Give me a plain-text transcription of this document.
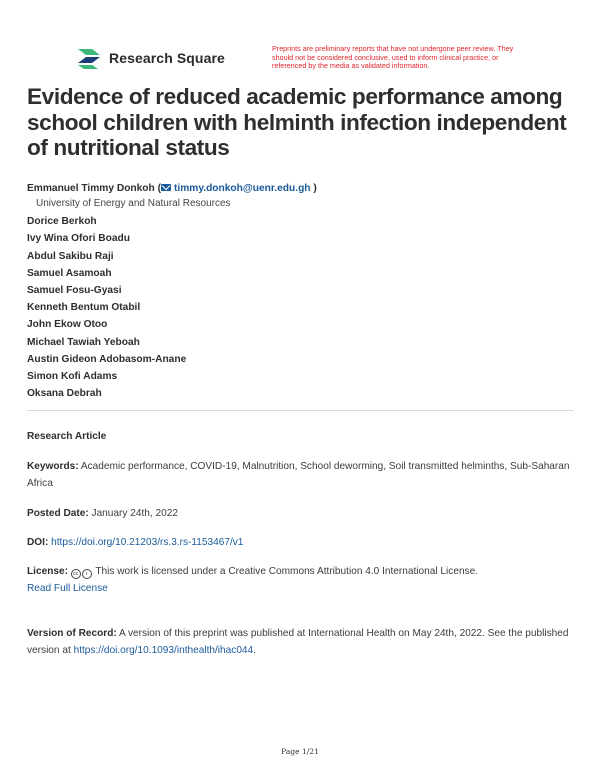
Research Square
Preprints are preliminary reports that have not undergone peer review. They should not be considered conclusive, used to inform clinical practice, or referenced by the media as validated information.
Evidence of reduced academic performance among school children with helminth infection independent of nutritional status
Emmanuel Timmy Donkoh ( timmy.donkoh@uenr.edu.gh )
University of Energy and Natural Resources
Dorice Berkoh
Ivy Wina Ofori Boadu
Abdul Sakibu Raji
Samuel Asamoah
Samuel Fosu-Gyasi
Kenneth Bentum Otabil
John Ekow Otoo
Michael Tawiah Yeboah
Austin Gideon Adobasom-Anane
Simon Kofi Adams
Oksana Debrah
Research Article
Keywords: Academic performance, COVID-19, Malnutrition, School deworming, Soil transmitted helminths, Sub-Saharan Africa
Posted Date: January 24th, 2022
DOI: https://doi.org/10.21203/rs.3.rs-1153467/v1
License: cc i This work is licensed under a Creative Commons Attribution 4.0 International License.
Read Full License
Version of Record: A version of this preprint was published at International Health on May 24th, 2022. See the published version at https://doi.org/10.1093/inthealth/ihac044.
Page 1/21
